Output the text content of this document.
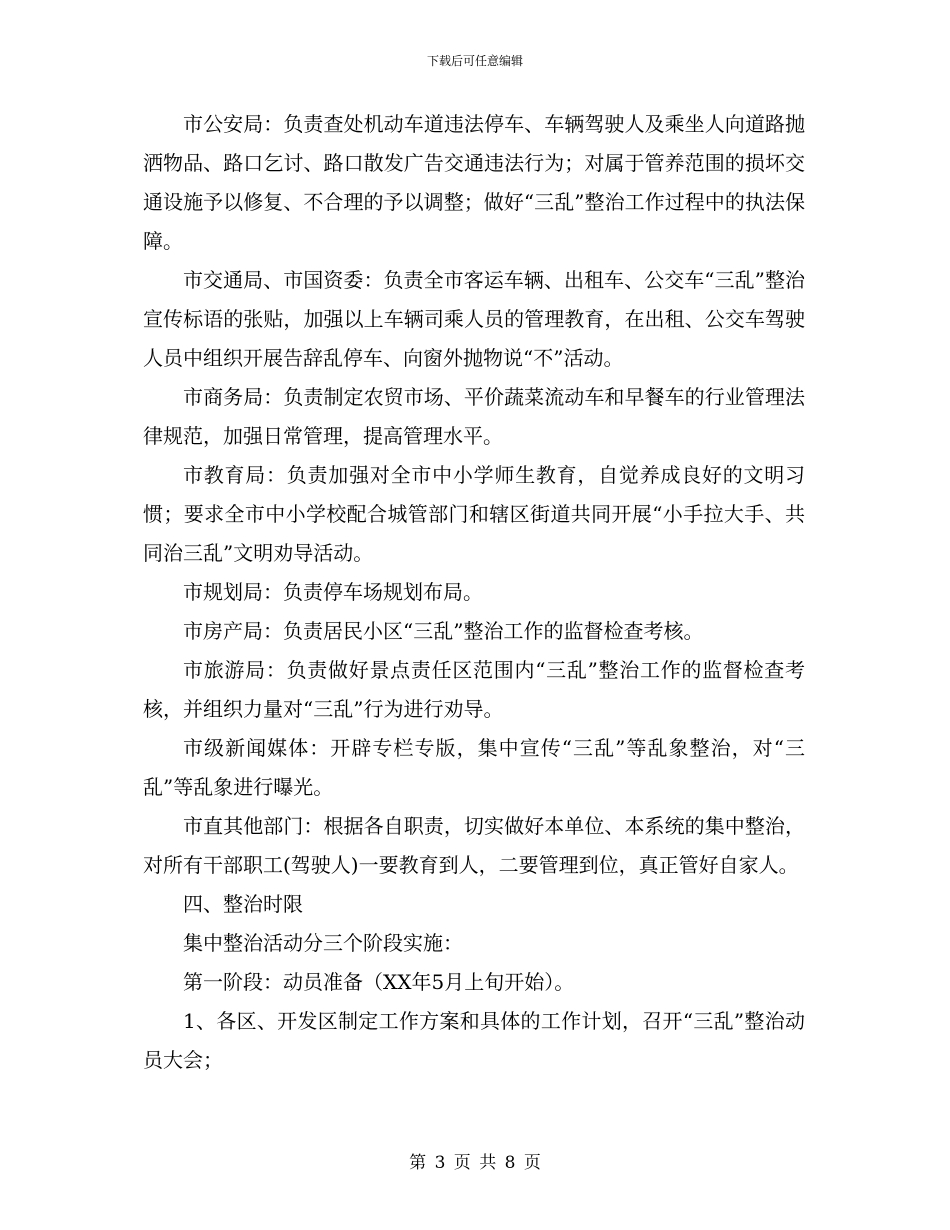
下载后可任意编辑

市公安局：负责查处机动车道违法停车、车辆驾驶人及乘坐人向道路抛洒物品、路口乞讨、路口散发广告交通违法行为；对属于管养范围的损坏交通设施予以修复、不合理的予以调整；做好“三乱”整治工作过程中的执法保障。

市交通局、市国资委：负责全市客运车辆、出租车、公交车“三乱”整治宣传标语的张贴，加强以上车辆司乘人员的管理教育，在出租、公交车驾驶人员中组织开展告辞乱停车、向窗外抛物说“不”活动。

市商务局：负责制定农贸市场、平价蔬菜流动车和早餐车的行业管理法律规范，加强日常管理，提高管理水平。

市教育局：负责加强对全市中小学师生教育，自觉养成良好的文明习惯；要求全市中小学校配合城管部门和辖区街道共同开展“小手拉大手、共同治三乱”文明劝导活动。

市规划局：负责停车场规划布局。

市房产局：负责居民小区“三乱”整治工作的监督检查考核。

市旅游局：负责做好景点责任区范围内“三乱”整治工作的监督检查考核，并组织力量对“三乱”行为进行劝导。

市级新闻媒体：开辟专栏专版，集中宣传“三乱”等乱象整治，对“三乱”等乱象进行曝光。

市直其他部门：根据各自职责，切实做好本单位、本系统的集中整治，对所有干部职工(驾驶人)一要教育到人，二要管理到位，真正管好自家人。

四、整治时限

集中整治活动分三个阶段实施：

第一阶段：动员准备（XX年5月上旬开始）。

1、各区、开发区制定工作方案和具体的工作计划，召开“三乱”整治动员大会；

第 3 页 共 8 页
